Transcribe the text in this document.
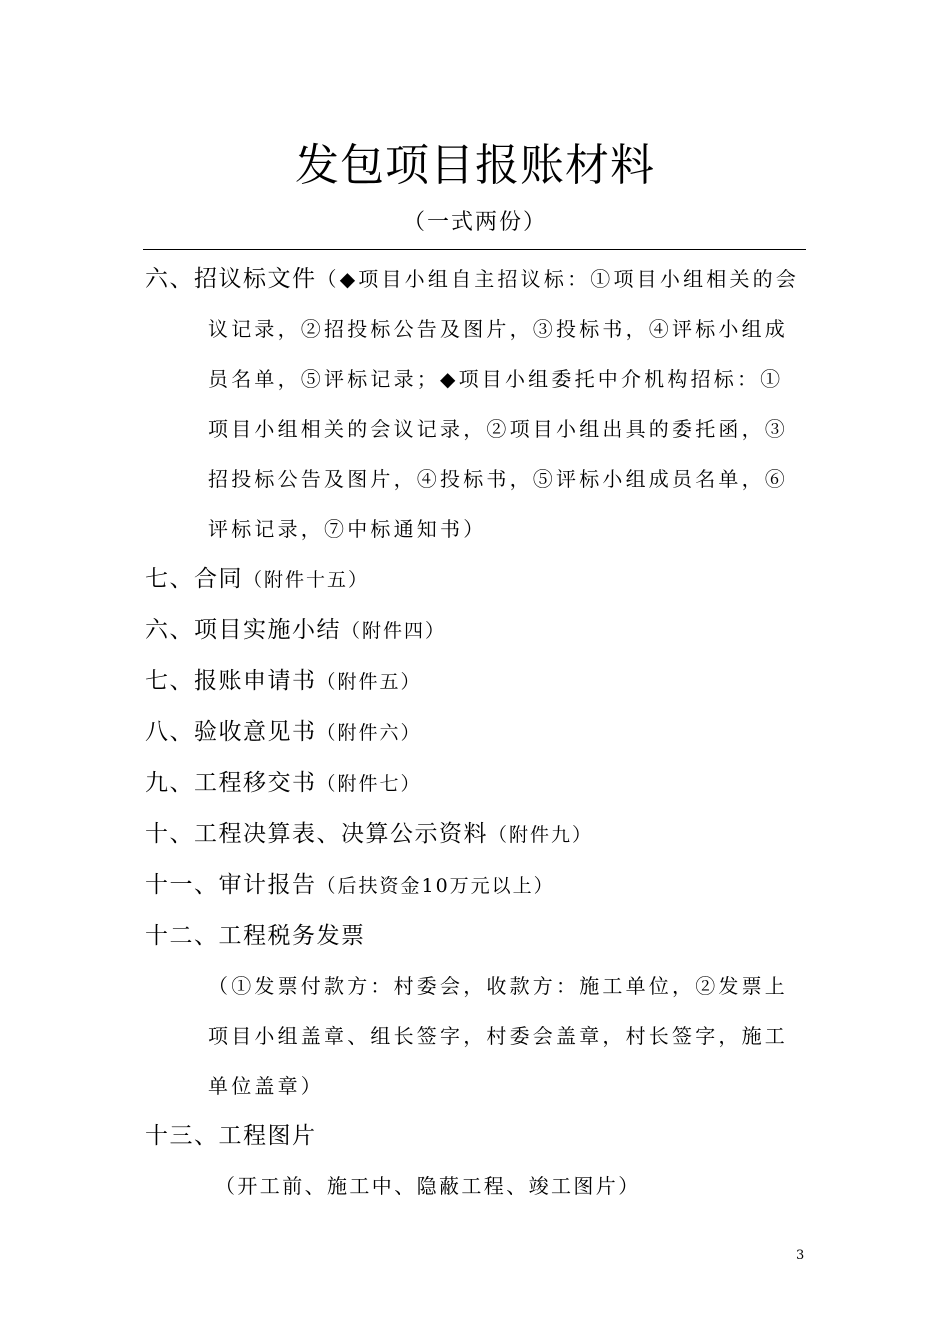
发包项目报账材料
（一式两份）
六、招议标文件（◆项目小组自主招议标：①项目小组相关的会议记录，②招投标公告及图片，③投标书，④评标小组成员名单，⑤评标记录；◆项目小组委托中介机构招标：①项目小组相关的会议记录，②项目小组出具的委托函，③招投标公告及图片，④投标书，⑤评标小组成员名单，⑥评标记录，⑦中标通知书）
七、合同（附件十五）
六、项目实施小结（附件四）
七、报账申请书（附件五）
八、验收意见书（附件六）
九、工程移交书（附件七）
十、工程决算表、决算公示资料（附件九）
十一、审计报告（后扶资金10万元以上）
十二、工程税务发票
（①发票付款方：村委会，收款方：施工单位，②发票上项目小组盖章、组长签字，村委会盖章，村长签字，施工单位盖章）
十三、工程图片
（开工前、施工中、隐蔽工程、竣工图片）
3
